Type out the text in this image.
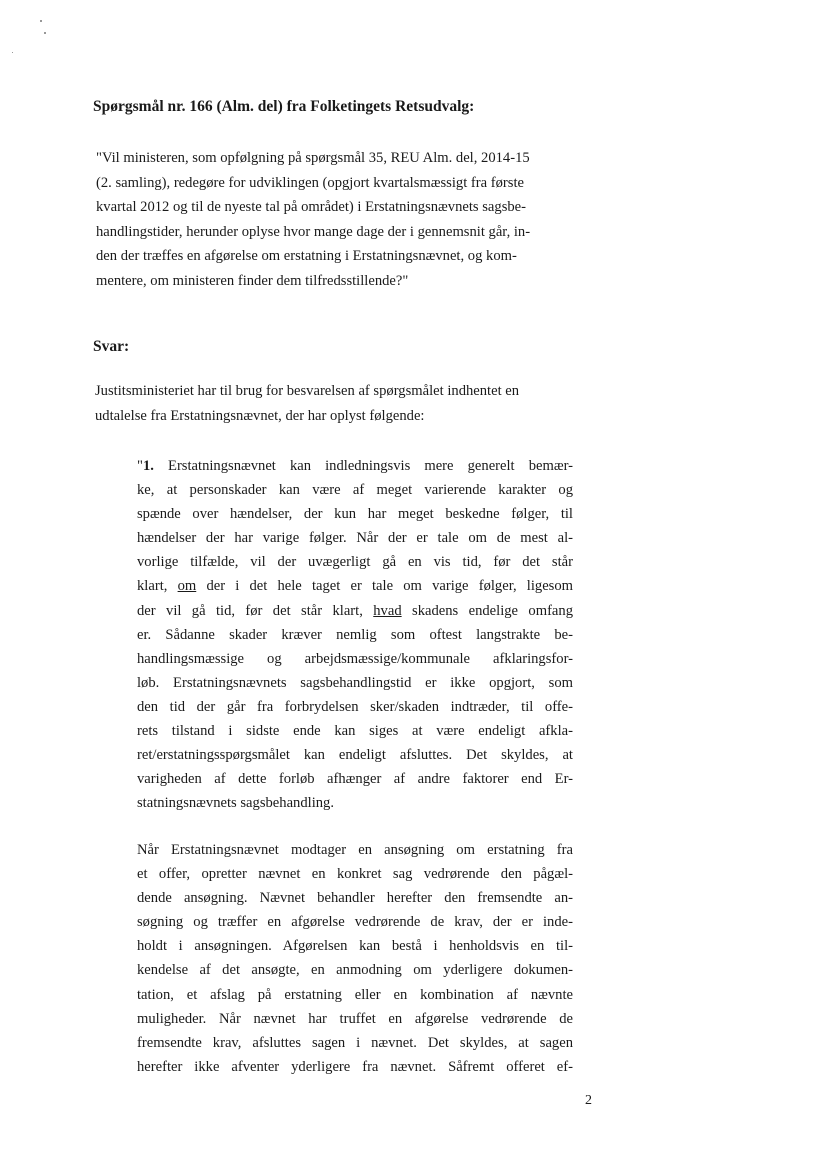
Spørgsmål nr. 166 (Alm. del) fra Folketingets Retsudvalg:
"Vil ministeren, som opfølgning på spørgsmål 35, REU Alm. del, 2014-15
(2. samling), redegøre for udviklingen (opgjort kvartalsmæssigt fra første
kvartal 2012 og til de nyeste tal på området) i Erstatningsnævnets sagsbe-
handlingstider, herunder oplyse hvor mange dage der i gennemsnit går, in-
den der træffes en afgørelse om erstatning i Erstatningsnævnet, og kom-
mentere, om ministeren finder dem tilfredsstillende?"
Svar:
Justitsministeriet har til brug for besvarelsen af spørgsmålet indhentet en
udtalelse fra Erstatningsnævnet, der har oplyst følgende:
"1. Erstatningsnævnet kan indledningsvis mere generelt bemær-
ke, at personskader kan være af meget varierende karakter og
spænde over hændelser, der kun har meget beskedne følger, til
hændelser der har varige følger. Når der er tale om de mest al-
vorlige tilfælde, vil der uvægerligt gå en vis tid, før det står
klart, om der i det hele taget er tale om varige følger, ligesom
der vil gå tid, før det står klart, hvad skadens endelige omfang
er. Sådanne skader kræver nemlig som oftest langstrakte be-
handlingsmæssige og arbejdsmæssige/kommunale afklaringsfor-
løb. Erstatningsnævnets sagsbehandlingstid er ikke opgjort, som
den tid der går fra forbrydelsen sker/skaden indtræder, til offe-
rets tilstand i sidste ende kan siges at være endeligt afkla-
ret/erstatningsspørgsmålet kan endeligt afsluttes. Det skyldes, at
varigheden af dette forløb afhænger af andre faktorer end Er-
statningsnævnets sagsbehandling.
Når Erstatningsnævnet modtager en ansøgning om erstatning fra
et offer, opretter nævnet en konkret sag vedrørende den pågæl-
dende ansøgning. Nævnet behandler herefter den fremsendte an-
søgning og træffer en afgørelse vedrørende de krav, der er inde-
holdt i ansøgningen. Afgørelsen kan bestå i henholdsvis en til-
kendelse af det ansøgte, en anmodning om yderligere dokumen-
tation, et afslag på erstatning eller en kombination af nævnte
muligheder. Når nævnet har truffet en afgørelse vedrørende de
fremsendte krav, afsluttes sagen i nævnet. Det skyldes, at sagen
herefter ikke afventer yderligere fra nævnet. Såfremt offeret ef-
2
